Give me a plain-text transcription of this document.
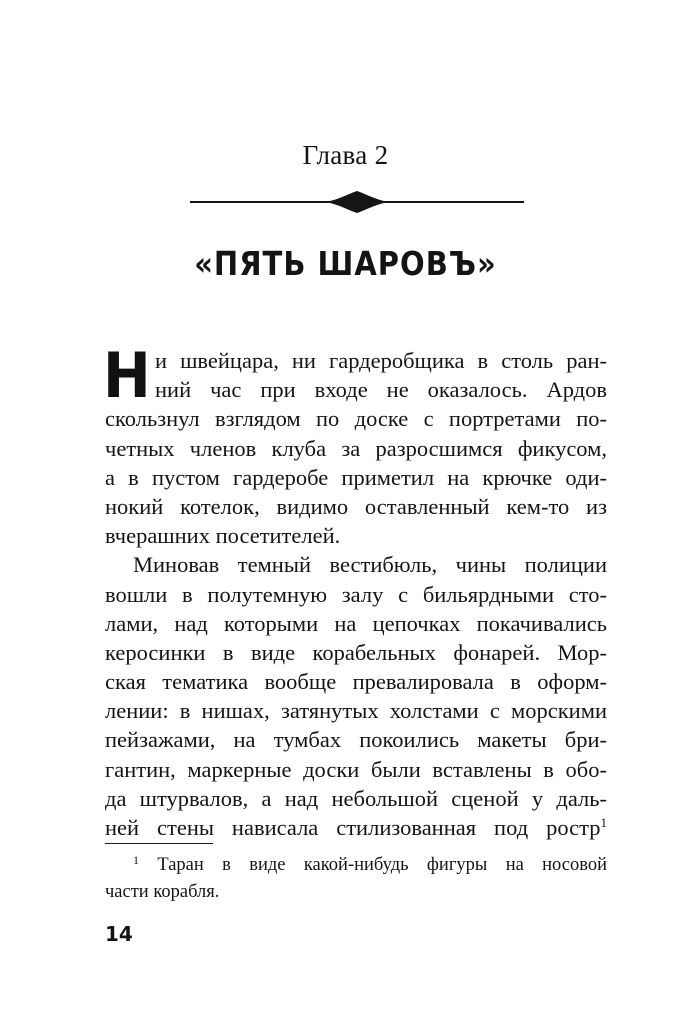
Глава 2
«ПЯТЬ ШАРОВЪ»
Н и швейцара, ни гардеробщика в столь ран-
ний час при входе не оказалось. Ардов
скользнул взглядом по доске с портретами по-
четных членов клуба за разросшимся фикусом,
а в пустом гардеробе приметил на крючке оди-
нокий котелок, видимо оставленный кем-то из
вчерашних посетителей.
Миновав темный вестибюль, чины полиции
вошли в полутемную залу с бильярдными сто-
лами, над которыми на цепочках покачивались
керосинки в виде корабельных фонарей. Мор-
ская тематика вообще превалировала в оформ-
лении: в нишах, затянутых холстами с морскими
пейзажами, на тумбах покоились макеты бри-
гантин, маркерные доски были вставлены в обо-
да штурвалов, а над небольшой сценой у даль-
ней стены нависала стилизованная под ростр$^1$
$^1$ Таран в виде какой-нибудь фигуры на носовой
части корабля.
14
